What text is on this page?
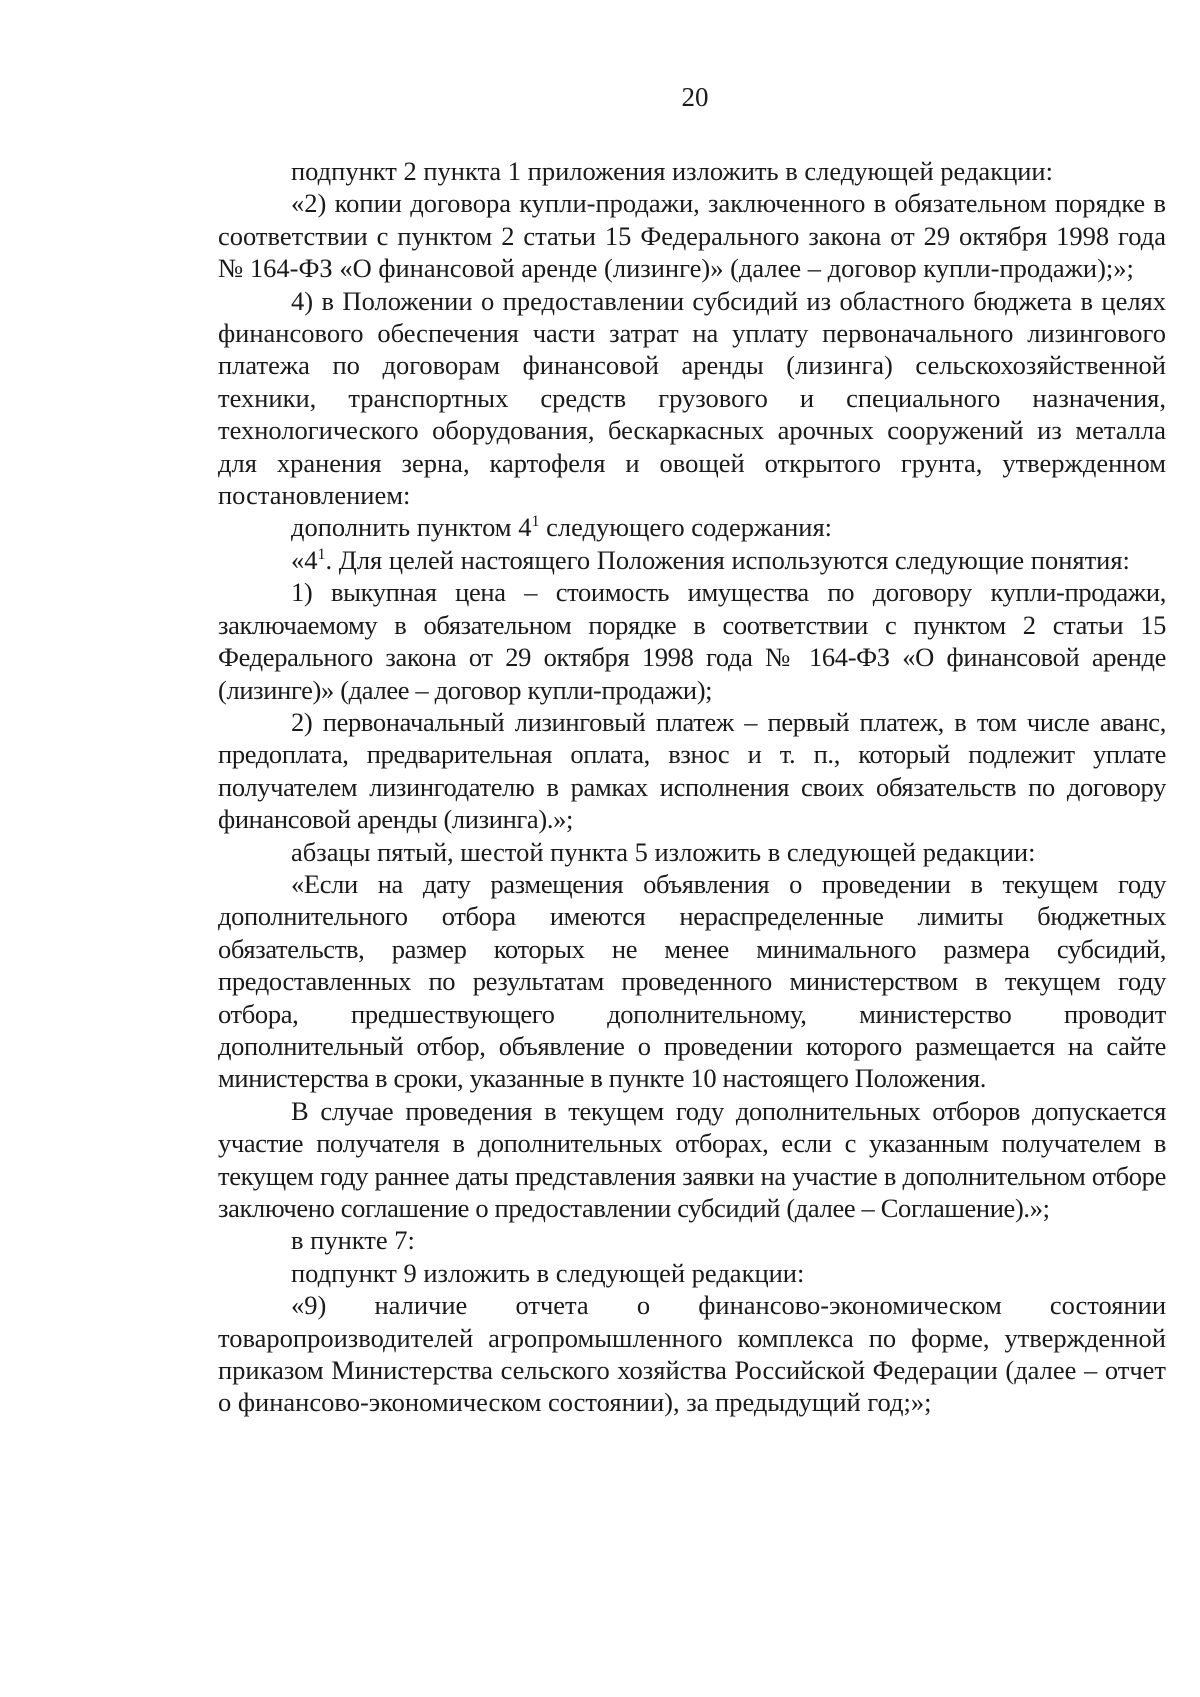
20

подпункт 2 пункта 1 приложения изложить в следующей редакции:

«2) копии договора купли-продажи, заключенного в обязательном порядке в соответствии с пунктом 2 статьи 15 Федерального закона от 29 октября 1998 года № 164-ФЗ «О финансовой аренде (лизинге)» (далее – договор купли-продажи);»;

4) в Положении о предоставлении субсидий из областного бюджета в целях финансового обеспечения части затрат на уплату первоначального лизингового платежа по договорам финансовой аренды (лизинга) сельскохозяйственной техники, транспортных средств грузового и специального назначения, технологического оборудования, бескаркасных арочных сооружений из металла для хранения зерна, картофеля и овощей открытого грунта, утвержденном постановлением:

дополнить пунктом $4^1$ следующего содержания:

«$4^1$. Для целей настоящего Положения используются следующие понятия:

1) выкупная цена – стоимость имущества по договору купли-продажи, заключаемому в обязательном порядке в соответствии с пунктом 2 статьи 15 Федерального закона от 29 октября 1998 года № 164-ФЗ «О финансовой аренде (лизинге)» (далее – договор купли-продажи);

2) первоначальный лизинговый платеж – первый платеж, в том числе аванс, предоплата, предварительная оплата, взнос и т. п., который подлежит уплате получателем лизингодателю в рамках исполнения своих обязательств по договору финансовой аренды (лизинга).»;

абзацы пятый, шестой пункта 5 изложить в следующей редакции:

«Если на дату размещения объявления о проведении в текущем году дополнительного отбора имеются нераспределенные лимиты бюджетных обязательств, размер которых не менее минимального размера субсидий, предоставленных по результатам проведенного министерством в текущем году отбора, предшествующего дополнительному, министерство проводит дополнительный отбор, объявление о проведении которого размещается на сайте министерства в сроки, указанные в пункте 10 настоящего Положения.

В случае проведения в текущем году дополнительных отборов допускается участие получателя в дополнительных отборах, если с указанным получателем в текущем году раннее даты представления заявки на участие в дополнительном отборе заключено соглашение о предоставлении субсидий (далее – Соглашение).»;

в пункте 7:

подпункт 9 изложить в следующей редакции:

«9) наличие отчета о финансово-экономическом состоянии товаропроизводителей агропромышленного комплекса по форме, утвержденной приказом Министерства сельского хозяйства Российской Федерации (далее – отчет о финансово-экономическом состоянии), за предыдущий год;»;
